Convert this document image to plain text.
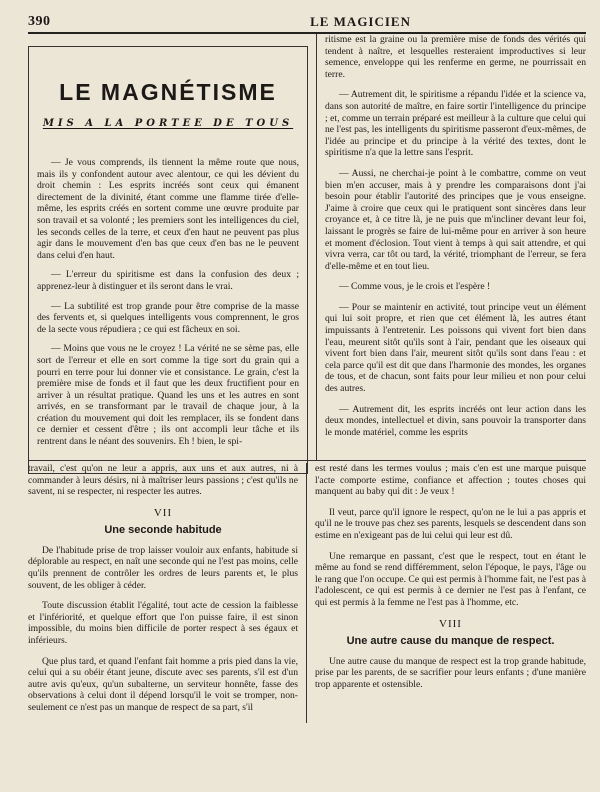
390	LE MAGICIEN
LE MAGNÉTISME
MIS A LA PORTEE DE TOUS

— Je vous comprends, ils tiennent la même route que nous, mais ils y confondent autour avec alentour, ce qui les dévient du droit chemin : Les esprits incréés sont ceux qui émanent directement de la divinité, étant comme une flamme tirée d'elle-même, les esprits créés en sortent comme une œuvre produite par son travail et sa volonté ; les premiers sont les intelligences du ciel, les seconds celles de la terre, et ceux d'en haut ne peuvent pas plus agir dans le mouvement d'en bas que ceux d'en bas ne le peuvent dans celui d'en haut.

— L'erreur du spiritisme est dans la confusion des deux ; apprenez-leur à distinguer et ils seront dans le vrai.

— La subtilité est trop grande pour être comprise de la masse des fervents et, si quelques intelligents vous comprennent, le gros de la secte vous répudiera ; ce qui est fâcheux en soi.

— Moins que vous ne le croyez ! La vérité ne se sème pas, elle sort de l'erreur et elle en sort comme la tige sort du grain qui a pourri en terre pour lui donner vie et consistance. Le grain, c'est la première mise de fonds et il faut que les deux fructifient pour en arriver à un résultat pratique. Quand les uns et les autres en sont arrivés, en se transformant par le travail de chaque jour, à la création du mouvement qui doit les remplacer, ils se fondent dans ce dernier et cessent d'être ; ils ont accompli leur tâche et ils rentrent dans le néant des souvenirs. Eh ! bien, le spi-

ritisme est la graine ou la première mise de fonds des vérités qui tendent à naître, et lesquelles resteraient improductives si leur semence, enveloppe qui les renferme en germe, ne pourrissait en terre.

— Autrement dit, le spiritisme a répandu l'idée et la science va, dans son autorité de maître, en faire sortir l'intelligence du principe ; et, comme un terrain préparé est meilleur à la culture que celui qui ne l'est pas, les intelligents du spiritisme passeront d'eux-mêmes, de l'idée au principe et du principe à la vérité des textes, dont le spiritisme n'a que la lettre sans l'esprit.

— Aussi, ne cherchai-je point à le combattre, comme on veut bien m'en accuser, mais à y prendre les comparaisons dont j'ai besoin pour établir l'autorité des principes que je vous enseigne. J'aime à croire que ceux qui le pratiquent sont sincères dans leur croyance et, à ce titre là, je ne puis que m'incliner devant leur foi, laissant le progrès se faire de lui-même pour en arriver à son heure et moment d'éclosion. Tout vient à temps à qui sait attendre, et qui vivra verra, car tôt ou tard, la vérité, triomphant de l'erreur, se fera d'elle-même et en tout lieu.

— Comme vous, je le crois et l'espère !

— Pour se maintenir en activité, tout principe veut un élément qui lui soit propre, et rien que cet élément là, les autres étant impuissants à l'entretenir. Les poissons qui vivent fort bien dans l'eau, meurent sitôt qu'ils sont à l'air, pendant que les oiseaux qui vivent fort bien dans l'air, meurent sitôt qu'ils sont dans l'eau : et cela parce qu'il est dit que dans l'harmonie des mondes, les organes de tous, et de chacun, sont faits pour leur milieu et non pour celui des autres.

— Autrement dit, les esprits incréés ont leur action dans les deux mondes, intellectuel et divin, sans pouvoir la transporter dans le monde matériel, comme les esprits

travail, c'est qu'on ne leur a appris, aux uns et aux autres, ni à commander à leurs désirs, ni à maîtriser leurs passions ; c'est qu'ils ne savent, ni se respecter, ni respecter les autres.

VII
Une seconde habitude

De l'habitude prise de trop laisser vouloir aux enfants, habitude si déplorable au respect, en naît une seconde qui ne l'est pas moins, celle qu'ils prennent de contrôler les ordres de leurs parents et, le plus souvent, de les obliger à céder.

Toute discussion établit l'égalité, tout acte de cession la faiblesse et l'infériorité, et quelque effort que l'on puisse faire, il est sinon impossible, du moins bien difficile de porter respect à ses égaux et inférieurs.

Que plus tard, et quand l'enfant fait homme a pris pied dans la vie, celui qui a su obéir étant jeune, discute avec ses parents, s'il est d'un autre avis qu'eux, qu'un subalterne, un serviteur honnête, fasse des observations à celui dont il dépend lorsqu'il le voit se tromper, non-seulement ce n'est pas un manque de respect de sa part, s'il

est resté dans les termes voulus ; mais c'en est une marque puisque l'acte comporte estime, confiance et affection ; toutes choses qui manquent au baby qui dit : Je veux !

Il veut, parce qu'il ignore le respect, qu'on ne le lui a pas appris et qu'il ne le trouve pas chez ses parents, lesquels se descendent dans son estime en n'exigeant pas de lui celui qui leur est dû.

Une remarque en passant, c'est que le respect, tout en étant le même au fond se rend différemment, selon l'époque, le pays, l'âge ou le rang que l'on occupe. Ce qui est permis à l'homme fait, ne l'est pas à l'adolescent, ce qui est permis à ce dernier ne l'est pas à l'enfant, ce qui est permis à la femme ne l'est pas à l'homme, etc.

VIII
Une autre cause du manque de respect.

Une autre cause du manque de respect est la trop grande habitude, prise par les parents, de se sacrifier pour leurs enfants ; d'une manière trop apparente et ostensible.
